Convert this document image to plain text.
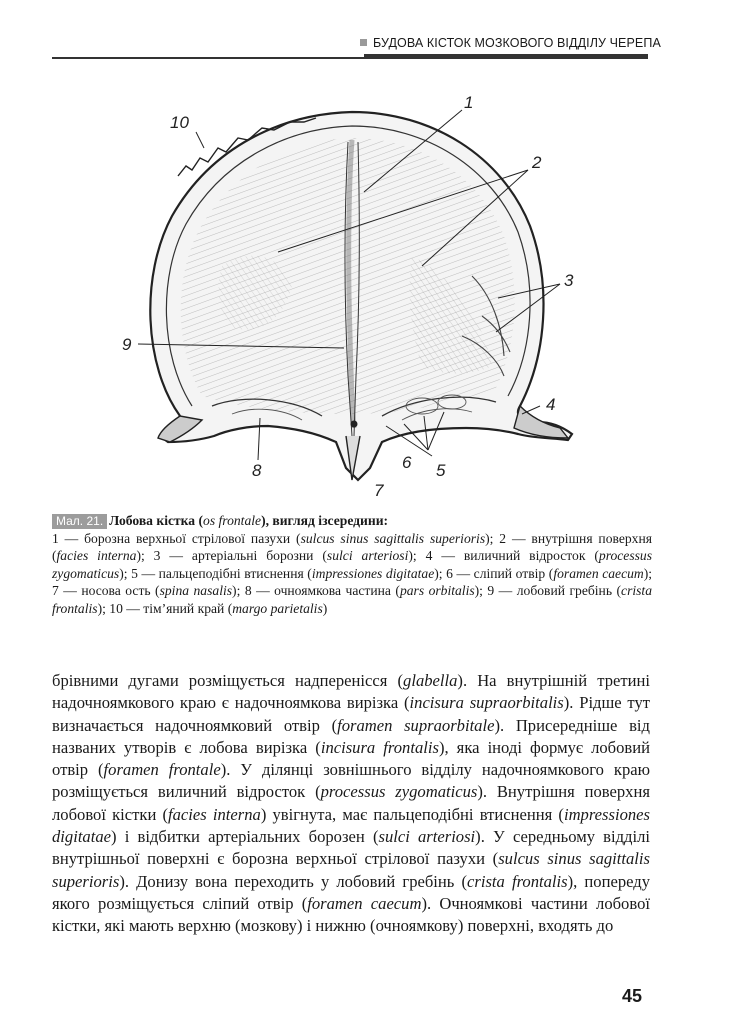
БУДОВА КІСТОК МОЗКОВОГО ВІДДІЛУ ЧЕРЕПА
1
2
3
4
5
6
7
8
9
10
Мал. 21. Лобова кістка (os frontale), вигляд ізсередини:
1 — борозна верхньої стрілової пазухи (sulcus sinus sagittalis superioris); 2 — внутрішня поверхня (facies interna); 3 — артеріальні борозни (sulci arteriosi); 4 — виличний відросток (processus zygomaticus); 5 — пальцеподібні втиснення (impressiones digitatae); 6 — сліпий отвір (foramen caecum); 7 — носова ость (spina nasalis); 8 — очноямкова частина (pars orbitalis); 9 — лобовий гребінь (crista frontalis); 10 — тім’яний край (margo parietalis)

брівними дугами розміщується надперенісся (glabella). На внутрішній третині надочноямкового краю є надочноямкова вирізка (incisura supraorbitalis). Рідше тут визначається надочноямковий отвір (foramen supraorbitale). Присередніше від названих утворів є лобова вирізка (incisura frontalis), яка іноді формує лобовий отвір (foramen frontale). У ділянці зовнішнього відділу надочноямкового краю розміщується виличний відросток (processus zygomaticus). Внутрішня поверхня лобової кістки (facies interna) увігнута, має пальцеподібні втиснення (impressiones digitatae) і відбитки артеріальних борозен (sulci arteriosi). У середньому відділі внутрішньої поверхні є борозна верхньої стрілової пазухи (sulcus sinus sagittalis superioris). Донизу вона переходить у лобовий гребінь (crista frontalis), попереду якого розміщується сліпий отвір (foramen caecum). Очноямкові частини лобової кістки, які мають верхню (мозкову) і нижню (очноямкову) поверхні, входять до

45
